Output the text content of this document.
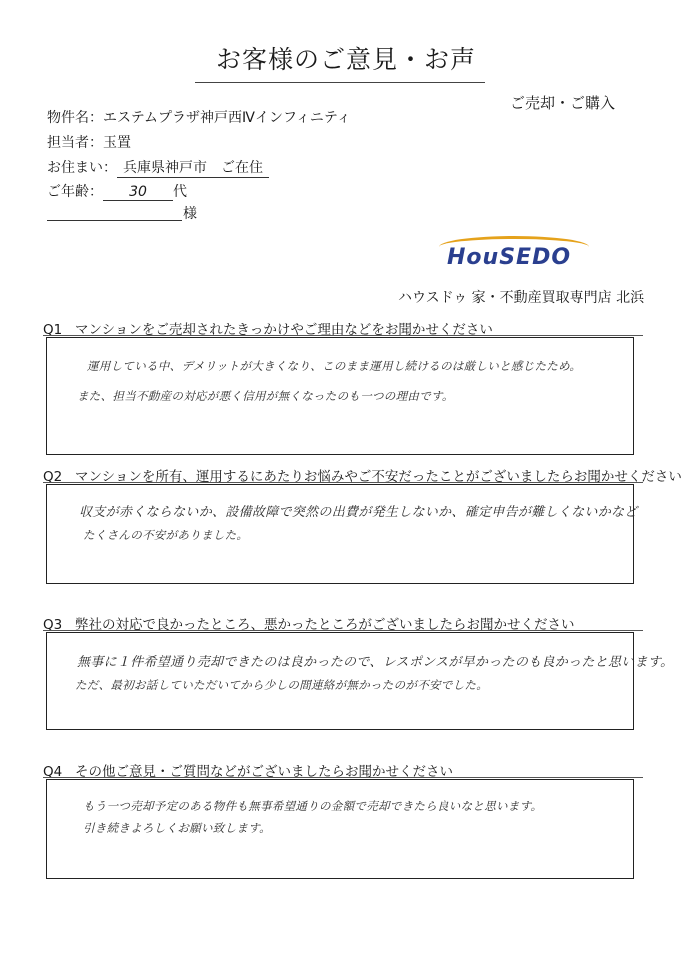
お客様のご意見・お声
ご売却・ご購入
物件名：エステムプラザ神戸西Ⅳインフィニティ
担当者：玉置
お住まい： 兵庫県神戸市　ご在住
ご年齢： 30 代
様
HouSEDO
ハウスドゥ 家・不動産買取専門店 北浜
Q1 マンションをご売却されたきっかけやご理由などをお聞かせください
運用している中、デメリットが大きくなり、このまま運用し続けるのは厳しいと感じたため。
また、担当不動産の対応が悪く信用が無くなったのも一つの理由です。
Q2 マンションを所有、運用するにあたりお悩みやご不安だったことがございましたらお聞かせください
収支が赤くならないか、設備故障で突然の出費が発生しないか、確定申告が難しくないかなど
たくさんの不安がありました。
Q3 弊社の対応で良かったところ、悪かったところがございましたらお聞かせください
無事に１件希望通り売却できたのは良かったので、レスポンスが早かったのも良かったと思います。
ただ、最初お話していただいてから少しの間連絡が無かったのが不安でした。
Q4 その他ご意見・ご質問などがございましたらお聞かせください
もう一つ売却予定のある物件も無事希望通りの金額で売却できたら良いなと思います。
引き続きよろしくお願い致します。
